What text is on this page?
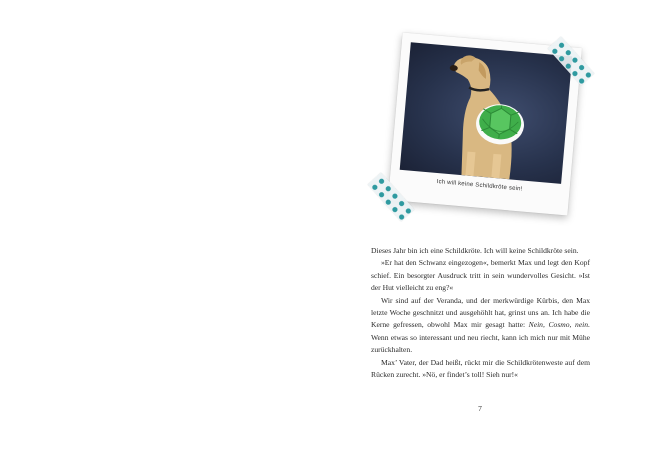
Ich will keine Schildkröte sein!

Dieses Jahr bin ich eine Schildkröte. Ich will keine Schildkröte sein.

»Er hat den Schwanz eingezogen«, bemerkt Max und legt den Kopf schief. Ein besorgter Ausdruck tritt in sein wundervolles Gesicht. »Ist der Hut vielleicht zu eng?«

Wir sind auf der Veranda, und der merkwürdige Kürbis, den Max letzte Woche geschnitzt und ausgehöhlt hat, grinst uns an. Ich habe die Kerne gefressen, obwohl Max mir gesagt hatte: Nein, Cosmo, nein. Wenn etwas so interessant und neu riecht, kann ich mich nur mit Mühe zurückhalten.

Max’ Vater, der Dad heißt, rückt mir die Schildkrötenweste auf dem Rücken zurecht. »Nö, er findet’s toll! Sieh nur!«

7
